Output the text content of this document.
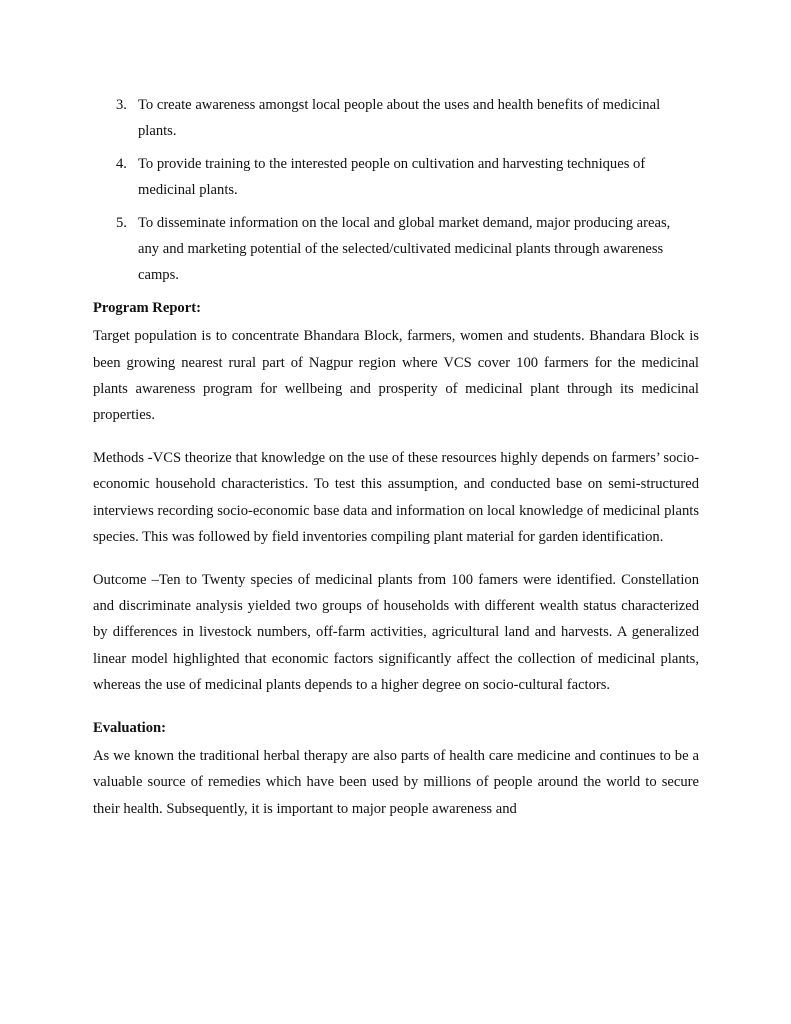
3. To create awareness amongst local people about the uses and health benefits of medicinal plants.
4. To provide training to the interested people on cultivation and harvesting techniques of medicinal plants.
5. To disseminate information on the local and global market demand, major producing areas, any and marketing potential of the selected/cultivated medicinal plants through awareness camps.
Program Report:

Target population is to concentrate Bhandara Block, farmers, women and students. Bhandara Block is been growing nearest rural part of Nagpur region where VCS cover 100 farmers for the medicinal plants awareness program for wellbeing and prosperity of medicinal plant through its medicinal properties.

Methods -VCS theorize that knowledge on the use of these resources highly depends on farmers’ socio-economic household characteristics. To test this assumption, and conducted base on semi-structured interviews recording socio-economic base data and information on local knowledge of medicinal plants species. This was followed by field inventories compiling plant material for garden identification.

Outcome –Ten to Twenty species of medicinal plants from 100 famers were identified. Constellation and discriminate analysis yielded two groups of households with different wealth status characterized by differences in livestock numbers, off-farm activities, agricultural land and harvests. A generalized linear model highlighted that economic factors significantly affect the collection of medicinal plants, whereas the use of medicinal plants depends to a higher degree on socio-cultural factors.

Evaluation:

As we known the traditional herbal therapy are also parts of health care medicine and continues to be a valuable source of remedies which have been used by millions of people around the world to secure their health. Subsequently, it is important to major people awareness and
